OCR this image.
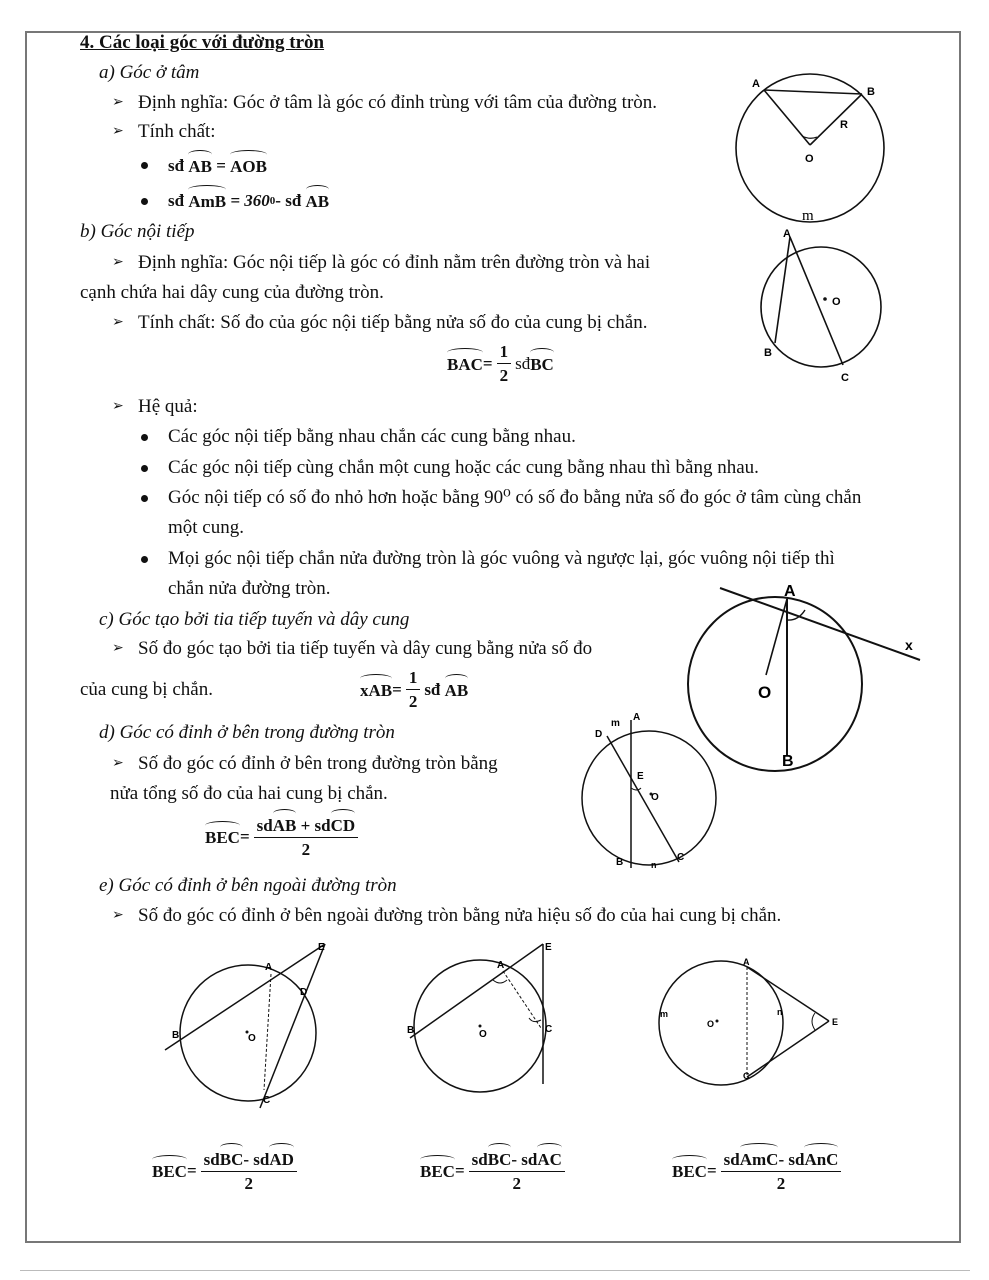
4. Các loại góc với đường tròn
a) Góc ở tâm
➢ Định nghĩa: Góc ở tâm là góc có đỉnh trùng với tâm của đường tròn.
➢ Tính chất:
sđ
AB
=
AOB
sđ
AmB
= 360 0 - sđ
AB
A
B
R
O
m
b) Góc nội tiếp
➢ Định nghĩa: Góc nội tiếp là góc có đỉnh nằm trên đường tròn và hai
cạnh chứa hai dây cung của đường tròn.
➢ Tính chất: Số đo của góc nội tiếp bằng nửa số đo của cung bị chắn.
BAC = $\frac{1}{2}$ sđ BC
A
O
B
C
➢ Hệ quả:
Các góc nội tiếp bằng nhau chắn các cung bằng nhau.
Các góc nội tiếp cùng chắn một cung hoặc các cung bằng nhau thì bằng nhau.
Góc nội tiếp có số đo nhỏ hơn hoặc bằng 90⁰ có số đo bằng nửa số đo góc ở tâm cùng chắn
một cung.
Mọi góc nội tiếp chắn nửa đường tròn là góc vuông và ngược lại, góc vuông nội tiếp thì
chắn nửa đường tròn.
c) Góc tạo bởi tia tiếp tuyến và dây cung
➢ Số đo góc tạo bởi tia tiếp tuyến và dây cung bằng nửa số đo
của cung bị chắn.	xAB = $\frac{1}{2}$ sđ
AB
A
x
O
B
d) Góc có đỉnh ở bên trong đường tròn
➢ Số đo góc có đỉnh ở bên trong đường tròn bằng
nửa tổng số đo của hai cung bị chắn.
BEC = $\frac{\text{sdAB + sdCD}}{2}$
D
m
A
E
O
B	n
C
e) Góc có đỉnh ở bên ngoài đường tròn
➢ Số đo góc có đỉnh ở bên ngoài đường tròn bằng nửa hiệu số đo của hai cung bị chắn.
E
A
D
B	O
C
E
A
B	O	C
A
m
O
n
E
C
BEC = $\frac{\text{sdBC- sdAD}}{2}$	BEC = $\frac{\text{sdBC- sdAC}}{2}$	BEC = $\frac{\text{sdAmC- sdAnC}}{2}$
